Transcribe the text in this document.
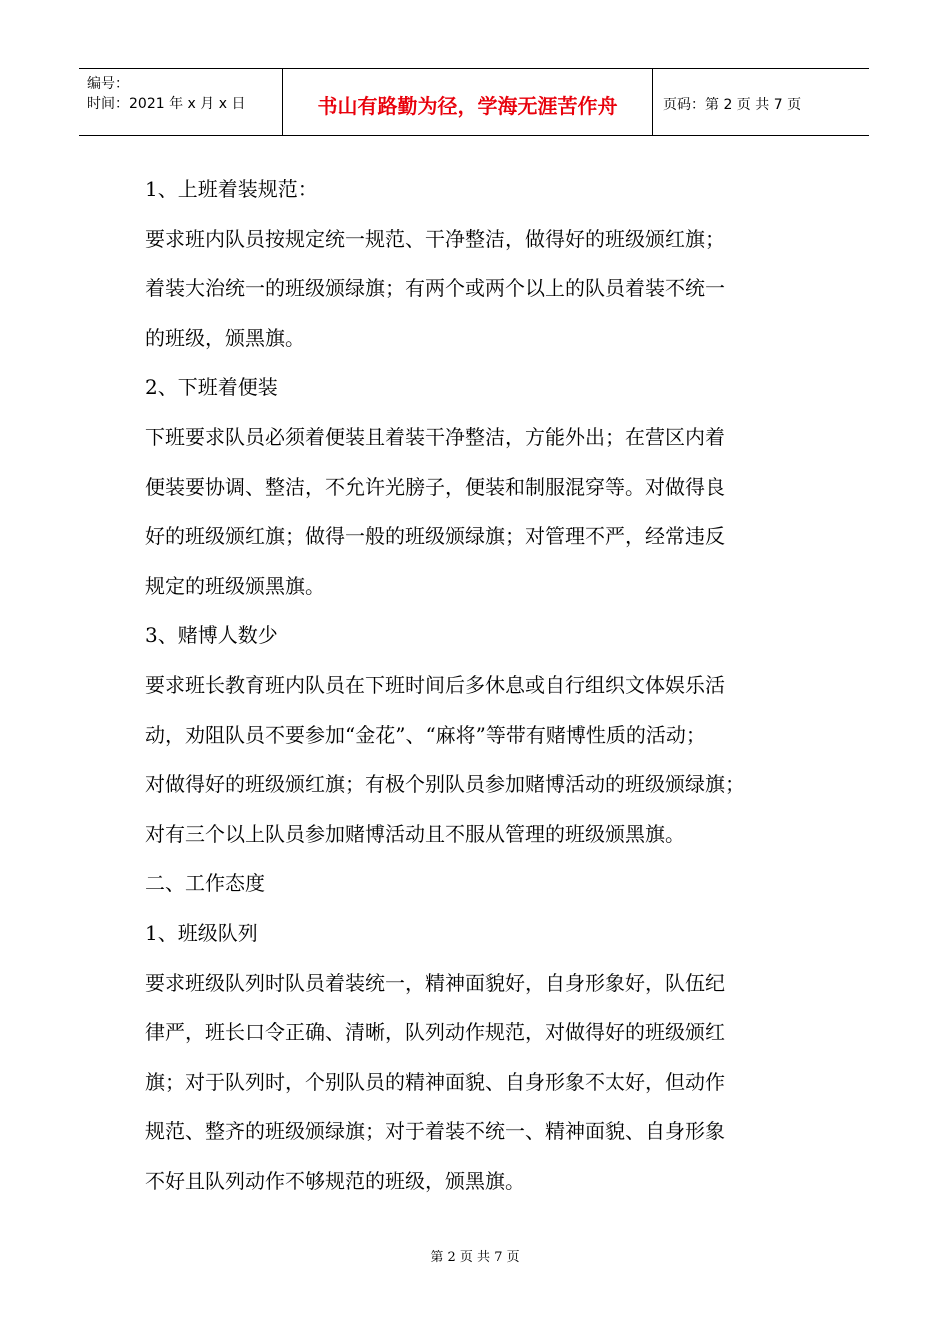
编号：
时间：2021 年 x 月 x 日	书山有路勤为径，学海无涯苦作舟	页码：第 2 页 共 7 页

1、上班着装规范：

要求班内队员按规定统一规范、干净整洁，做得好的班级颁红旗；

着装大治统一的班级颁绿旗；有两个或两个以上的队员着装不统一

的班级，颁黑旗。

2、下班着便装

下班要求队员必须着便装且着装干净整洁，方能外出；在营区内着

便装要协调、整洁，不允许光膀子，便装和制服混穿等。对做得良

好的班级颁红旗；做得一般的班级颁绿旗；对管理不严，经常违反

规定的班级颁黑旗。

3、赌博人数少

要求班长教育班内队员在下班时间后多休息或自行组织文体娱乐活

动，劝阻队员不要参加“金花”、“麻将”等带有赌博性质的活动；

对做得好的班级颁红旗；有极个别队员参加赌博活动的班级颁绿旗；

对有三个以上队员参加赌博活动且不服从管理的班级颁黑旗。

二、工作态度

1、班级队列

要求班级队列时队员着装统一，精神面貌好，自身形象好，队伍纪

律严，班长口令正确、清晰，队列动作规范，对做得好的班级颁红

旗；对于队列时，个别队员的精神面貌、自身形象不太好，但动作

规范、整齐的班级颁绿旗；对于着装不统一、精神面貌、自身形象

不好且队列动作不够规范的班级，颁黑旗。

第 2 页 共 7 页
